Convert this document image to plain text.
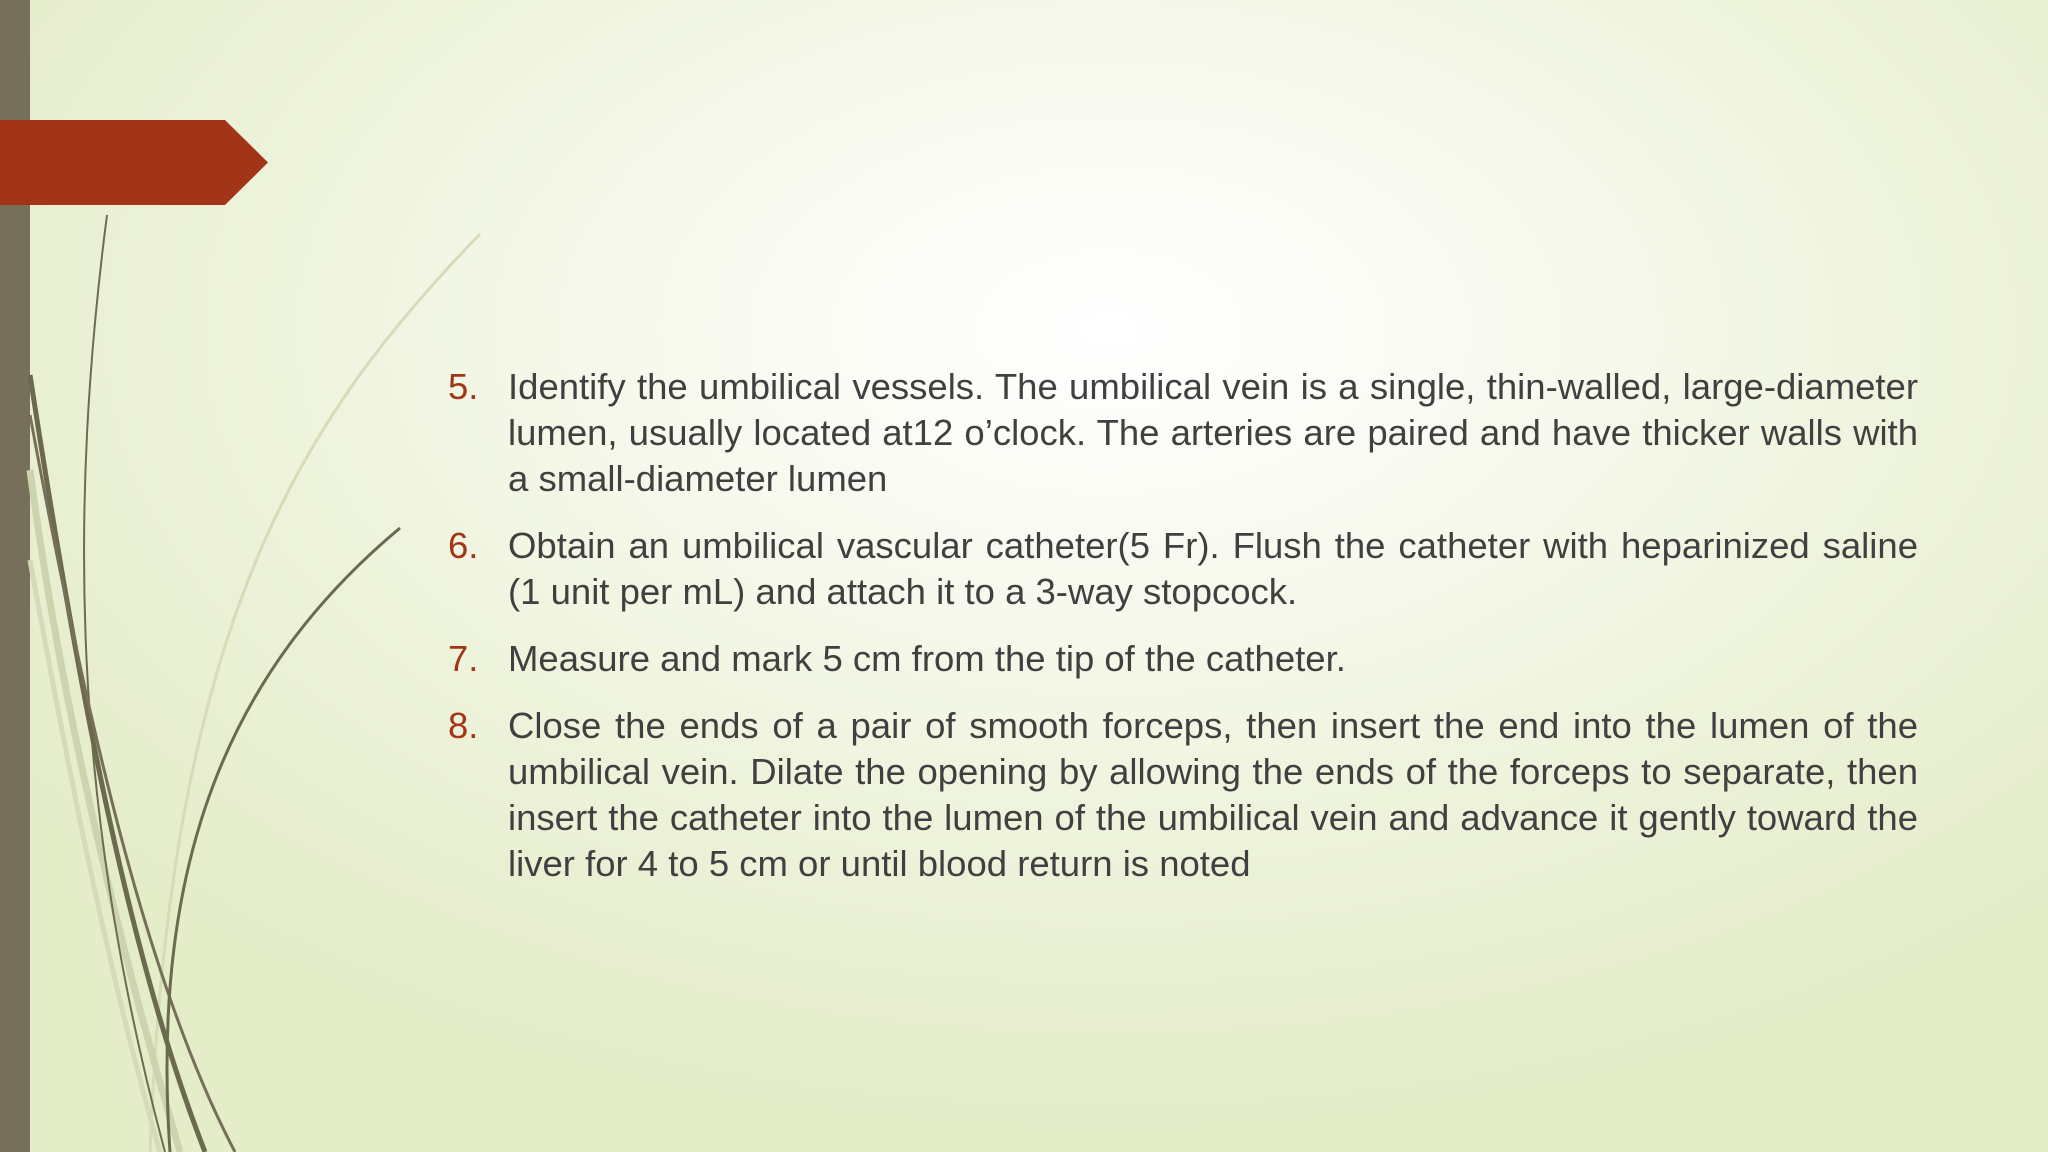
5. Identify the umbilical vessels. The umbilical vein is a single, thin-walled, large-diameter lumen, usually located at12 o’clock. The arteries are paired and have thicker walls with a small-diameter lumen
6. Obtain an umbilical vascular catheter(5 Fr). Flush the catheter with heparinized saline (1 unit per mL) and attach it to a 3-way stopcock.
7. Measure and mark 5 cm from the tip of the catheter.
8. Close the ends of a pair of smooth forceps, then insert the end into the lumen of the umbilical vein. Dilate the opening by allowing the ends of the forceps to separate, then insert the catheter into the lumen of the umbilical vein and advance it gently toward the liver for 4 to 5 cm or until blood return is noted
